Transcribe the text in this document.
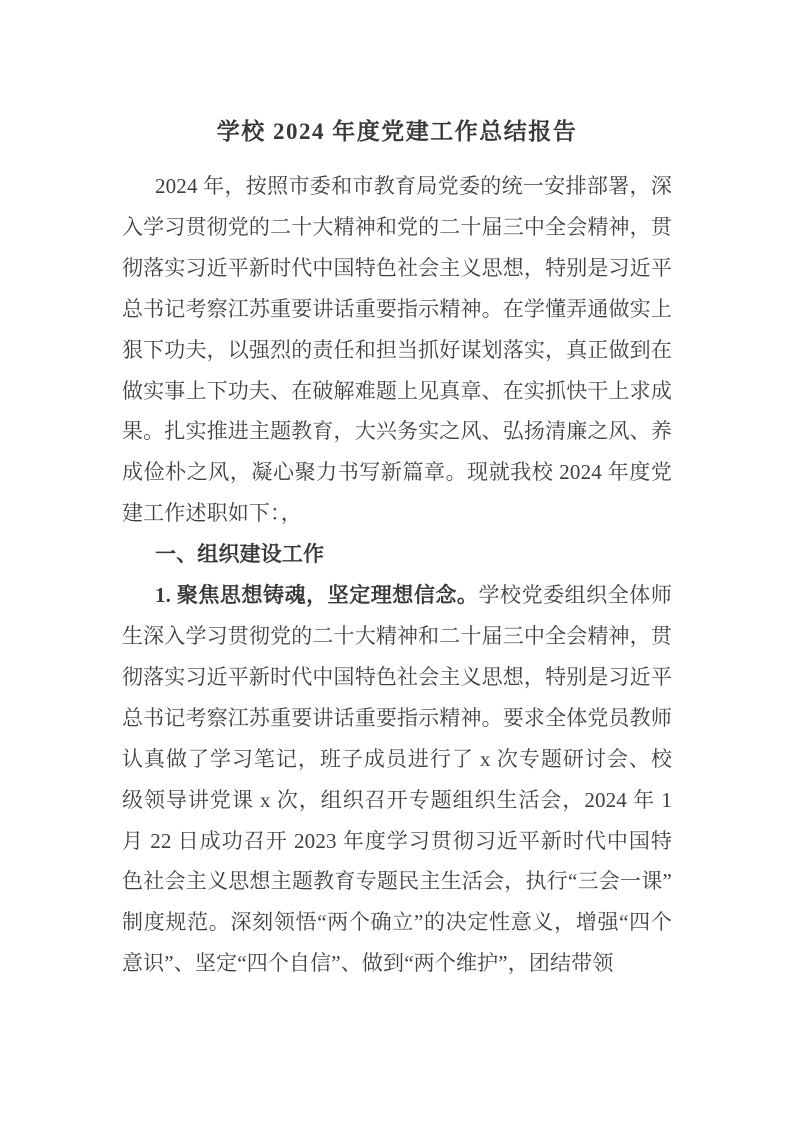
学校 2024 年度党建工作总结报告

2024 年，按照市委和市教育局党委的统一安排部署，深入学习贯彻党的二十大精神和党的二十届三中全会精神，贯彻落实习近平新时代中国特色社会主义思想，特别是习近平总书记考察江苏重要讲话重要指示精神。在学懂弄通做实上狠下功夫，以强烈的责任和担当抓好谋划落实，真正做到在做实事上下功夫、在破解难题上见真章、在实抓快干上求成果。扎实推进主题教育，大兴务实之风、弘扬清廉之风、养成俭朴之风，凝心聚力书写新篇章。现就我校 2024 年度党建工作述职如下：，

一、组织建设工作

1. 聚焦思想铸魂，坚定理想信念。学校党委组织全体师生深入学习贯彻党的二十大精神和二十届三中全会精神，贯彻落实习近平新时代中国特色社会主义思想，特别是习近平总书记考察江苏重要讲话重要指示精神。要求全体党员教师认真做了学习笔记，班子成员进行了 x 次专题研讨会、校级领导讲党课 x 次，组织召开专题组织生活会，2024 年 1 月 22 日成功召开 2023 年度学习贯彻习近平新时代中国特色社会主义思想主题教育专题民主生活会，执行“三会一课”制度规范。深刻领悟“两个确立”的决定性意义，增强“四个意识”、坚定“四个自信”、做到“两个维护”，团结带领
